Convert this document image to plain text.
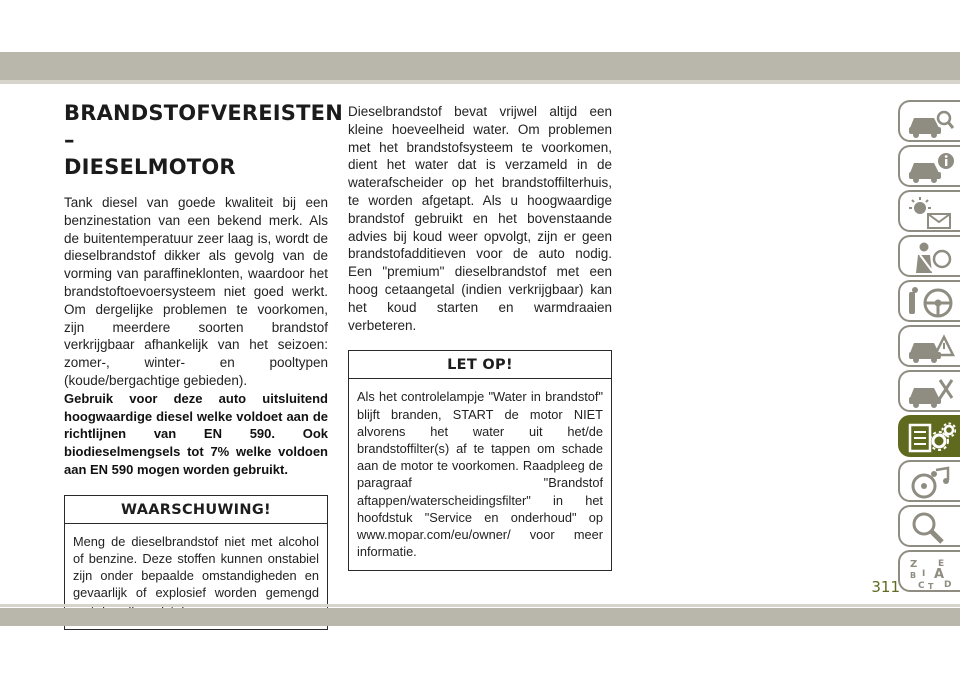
BRANDSTOFVEREISTEN –
DIESELMOTOR

Tank diesel van goede kwaliteit bij een benzinestation van een bekend merk. Als de buitentemperatuur zeer laag is, wordt de dieselbrandstof dikker als gevolg van de vorming van paraffineklonten, waardoor het brandstoftoevoersysteem niet goed werkt. Om dergelijke problemen te voorkomen, zijn meerdere soorten brandstof verkrijgbaar afhankelijk van het seizoen: zomer-, winter- en pooltypen (koude/bergachtige gebieden).

Gebruik voor deze auto uitsluitend hoogwaardige diesel welke voldoet aan de richtlijnen van EN 590. Ook biodieselmengsels tot 7% welke voldoen aan EN 590 mogen worden gebruikt.

WAARSCHUWING!
Meng de dieselbrandstof niet met alcohol of benzine. Deze stoffen kunnen onstabiel zijn onder bepaalde omstandigheden en gevaarlijk of explosief worden gemengd

Dieselbrandstof bevat vrijwel altijd een kleine hoeveelheid water. Om problemen met het brandstofsysteem te voorkomen, dient het water dat is verzameld in de waterafscheider op het brandstoffilterhuis, te worden afgetapt. Als u hoogwaardige brandstof gebruikt en het bovenstaande advies bij koud weer opvolgt, zijn er geen brandstofadditieven voor de auto nodig. Een "premium" dieselbrandstof met een hoog cetaangetal (indien verkrijgbaar) kan het koud starten en warmdraaien verbeteren.

LET OP!
Als het controlelampje "Water in brandstof" blijft branden, START de motor NIET alvorens het water uit het/de brandstoffilter(s) af te tappen om schade aan de motor te voorkomen. Raadpleeg de paragraaf "Brandstof aftappen/waterscheidingsfilter" in het hoofdstuk "Service en onderhoud" op www.mopar.com/eu/owner/ voor meer informatie.
Z E
B A
C T D
I
311
